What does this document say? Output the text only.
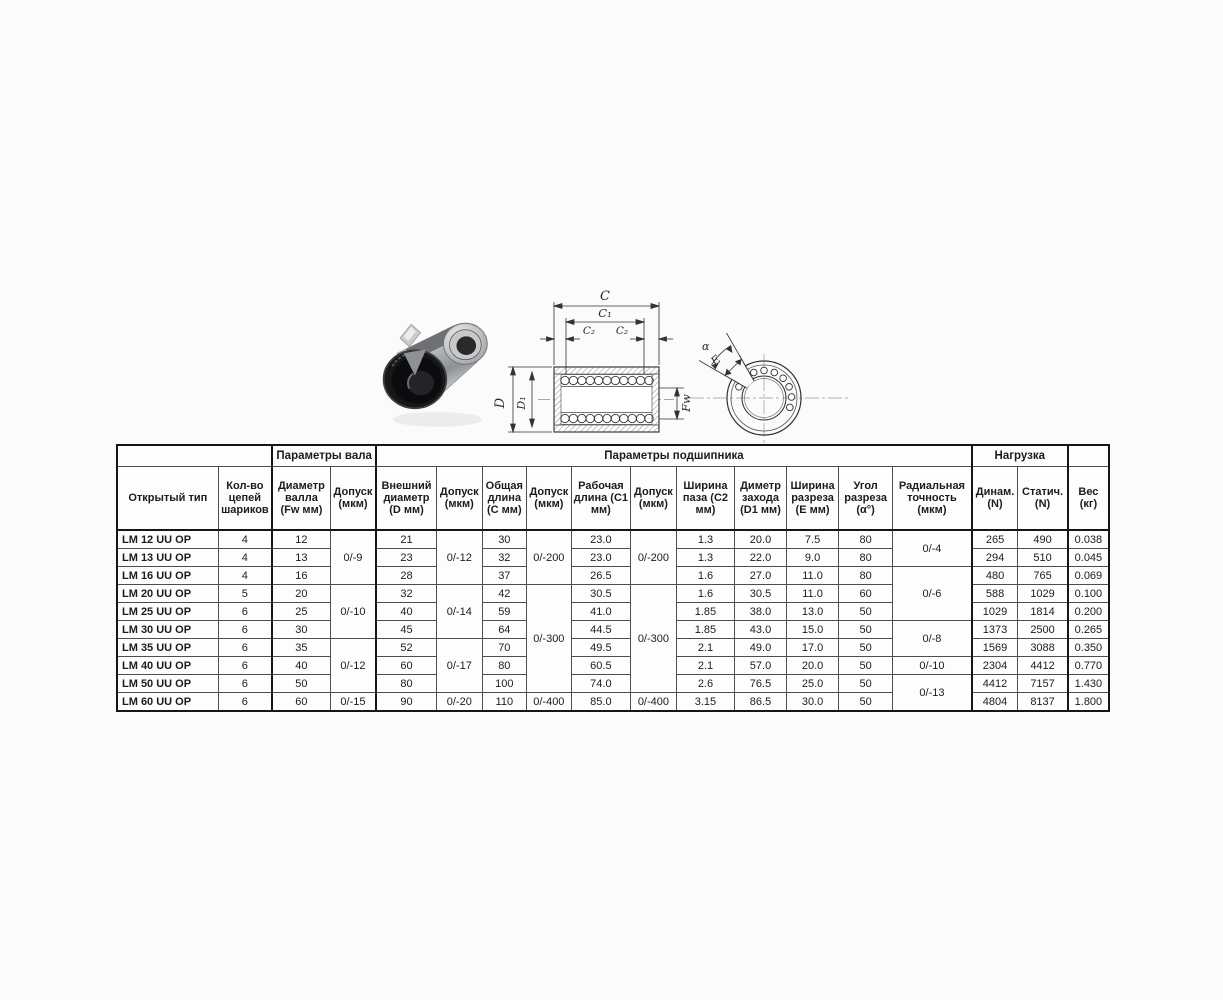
C
C₁
C₂ C₂
D D₁	Fw
α
E
		Параметры вала		Параметры подшипника											Нагрузка		
Открытый тип	Кол-во цепей шариков	Диаметр валла (Fw мм)	Допуск (мкм)	Внешний диаметр (D мм)	Допуск (мкм)	Общая длина (С мм)	Допуск (мкм)	Рабочая длина (С1 мм)	Допуск (мкм)	Ширина паза (С2 мм)	Диметр захода (D1 мм)	Ширина разреза (Е мм)	Угол разреза (α°)	Радиальная точность (мкм)	Динам. (N)	Статич. (N)	Вес (кг)
LM 12 UU OP	4	12	0/-9	21	0/-12	30	0/-200	23.0	0/-200	1.3	20.0	7.5	80	0/-4	265	490	0.038
LM 13 UU OP	4	13		23		32		23.0		1.3	22.0	9.0	80		294	510	0.045
LM 16 UU OP	4	16		28		37		26.5		1.6	27.0	11.0	80	0/-6	480	765	0.069
LM 20 UU OP	5	20	0/-10	32	0/-14	42	0/-300	30.5	0/-300	1.6	30.5	11.0	60		588	1029	0.100
LM 25 UU OP	6	25		40		59		41.0		1.85	38.0	13.0	50		1029	1814	0.200
LM 30 UU OP	6	30		45		64		44.5		1.85	43.0	15.0	50	0/-8	1373	2500	0.265
LM 35 UU OP	6	35	0/-12	52	0/-17	70		49.5		2.1	49.0	17.0	50		1569	3088	0.350
LM 40 UU OP	6	40		60		80		60.5		2.1	57.0	20.0	50	0/-10	2304	4412	0.770
LM 50 UU OP	6	50		80		100		74.0		2.6	76.5	25.0	50	0/-13	4412	7157	1.430
LM 60 UU OP	6	60	0/-15	90	0/-20	110	0/-400	85.0	0/-400	3.15	86.5	30.0	50		4804	8137	1.800
